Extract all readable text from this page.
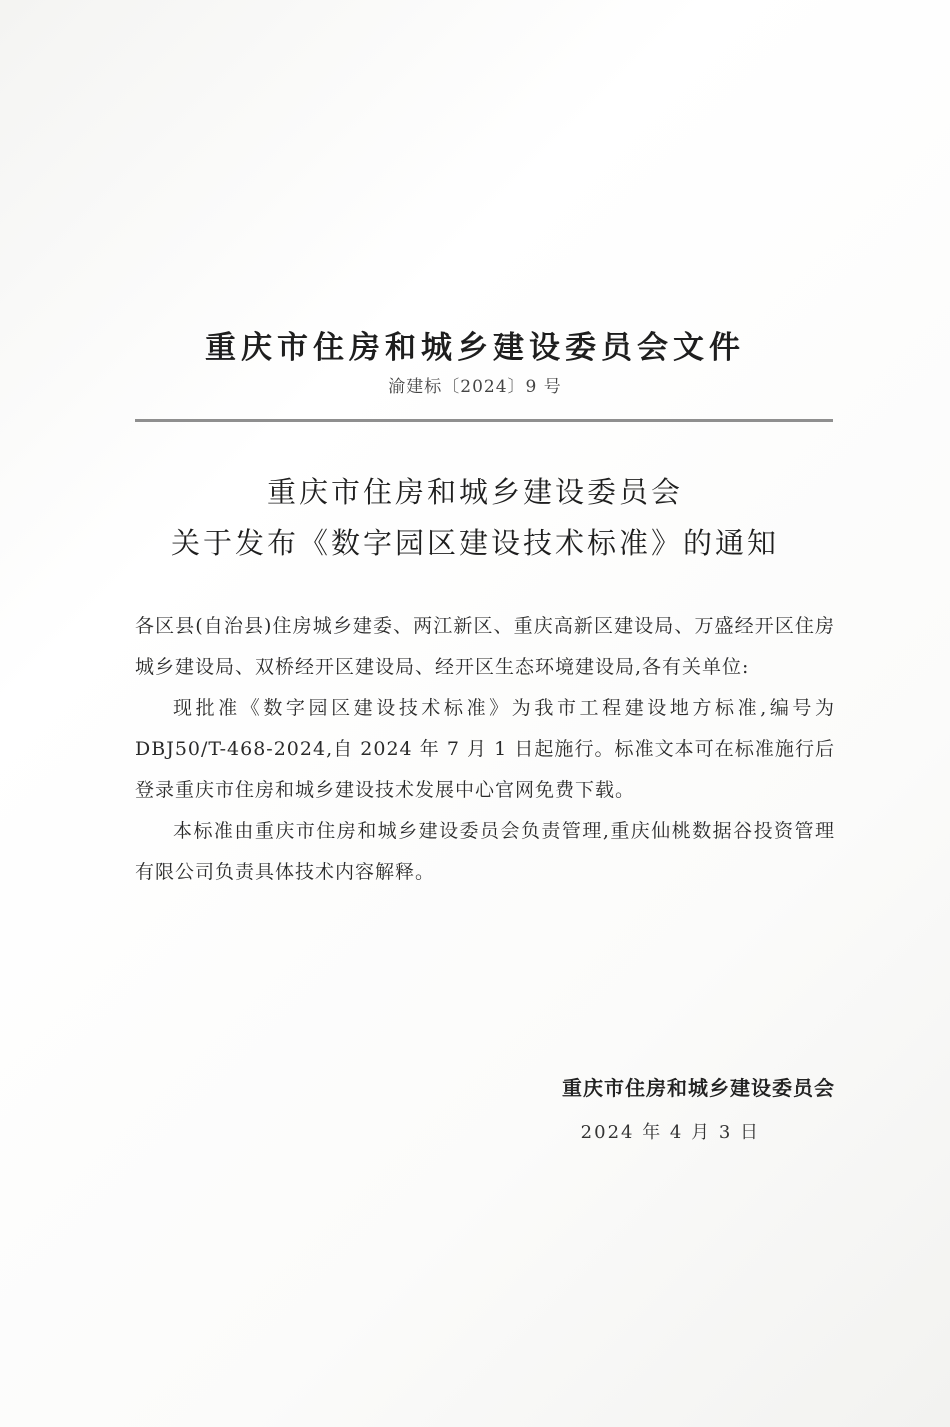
重庆市住房和城乡建设委员会文件
渝建标〔2024〕9 号
重庆市住房和城乡建设委员会
关于发布《数字园区建设技术标准》的通知

各区县(自治县)住房城乡建委、两江新区、重庆高新区建设局、万盛经开区住房城乡建设局、双桥经开区建设局、经开区生态环境建设局,各有关单位:

现批准《数字园区建设技术标准》为我市工程建设地方标准,编号为 DBJ50/T-468-2024,自 2024 年 7 月 1 日起施行。标准文本可在标准施行后登录重庆市住房和城乡建设技术发展中心官网免费下载。

本标准由重庆市住房和城乡建设委员会负责管理,重庆仙桃数据谷投资管理有限公司负责具体技术内容解释。

重庆市住房和城乡建设委员会
2024 年 4 月 3 日
